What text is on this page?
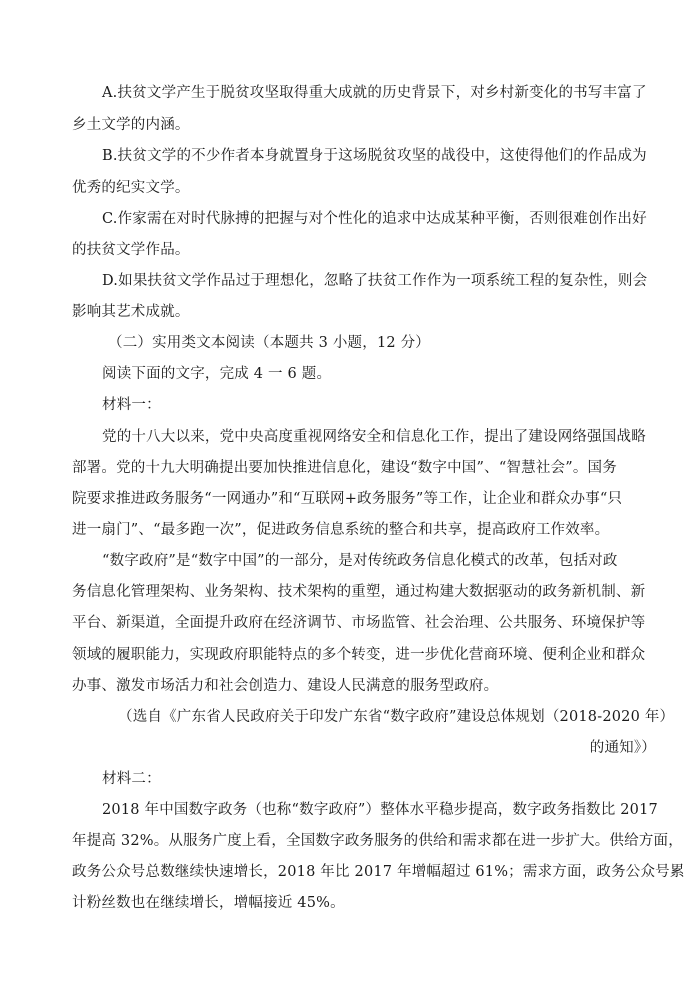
A.扶贫文学产生于脱贫攻坚取得重大成就的历史背景下，对乡村新变化的书写丰富了
乡土文学的内涵。
B.扶贫文学的不少作者本身就置身于这场脱贫攻坚的战役中，这使得他们的作品成为
优秀的纪实文学。
C.作家需在对时代脉搏的把握与对个性化的追求中达成某种平衡，否则很难创作出好
的扶贫文学作品。
D.如果扶贫文学作品过于理想化，忽略了扶贫工作作为一项系统工程的复杂性，则会
影响其艺术成就。
（二）实用类文本阅读（本题共 3 小题，12 分）
阅读下面的文字，完成 4 一 6 题。
材料一：
党的十八大以来，党中央高度重视网络安全和信息化工作，提出了建设网络强国战略
部署。党的十九大明确提出要加快推进信息化，建设“数字中国”、“智慧社会”。国务
院要求推进政务服务“一网通办”和“互联网+政务服务”等工作，让企业和群众办事“只
进一扇门”、“最多跑一次”，促进政务信息系统的整合和共享，提高政府工作效率。
“数字政府”是“数字中国”的一部分，是对传统政务信息化模式的改革，包括对政
务信息化管理架构、业务架构、技术架构的重塑，通过构建大数据驱动的政务新机制、新
平台、新渠道，全面提升政府在经济调节、市场监管、社会治理、公共服务、环境保护等
领域的履职能力，实现政府职能特点的多个转变，进一步优化营商环境、便利企业和群众
办事、激发市场活力和社会创造力、建设人民满意的服务型政府。
（选自《广东省人民政府关于印发广东省“数字政府”建设总体规划（2018-2020 年）
的通知》）
材料二：
2018 年中国数字政务（也称“数字政府”）整体水平稳步提高，数字政务指数比 2017
年提高 32%。从服务广度上看，全国数字政务服务的供给和需求都在进一步扩大。供给方面，
政务公众号总数继续快速增长，2018 年比 2017 年增幅超过 61%；需求方面，政务公众号累
计粉丝数也在继续增长，增幅接近 45%。
